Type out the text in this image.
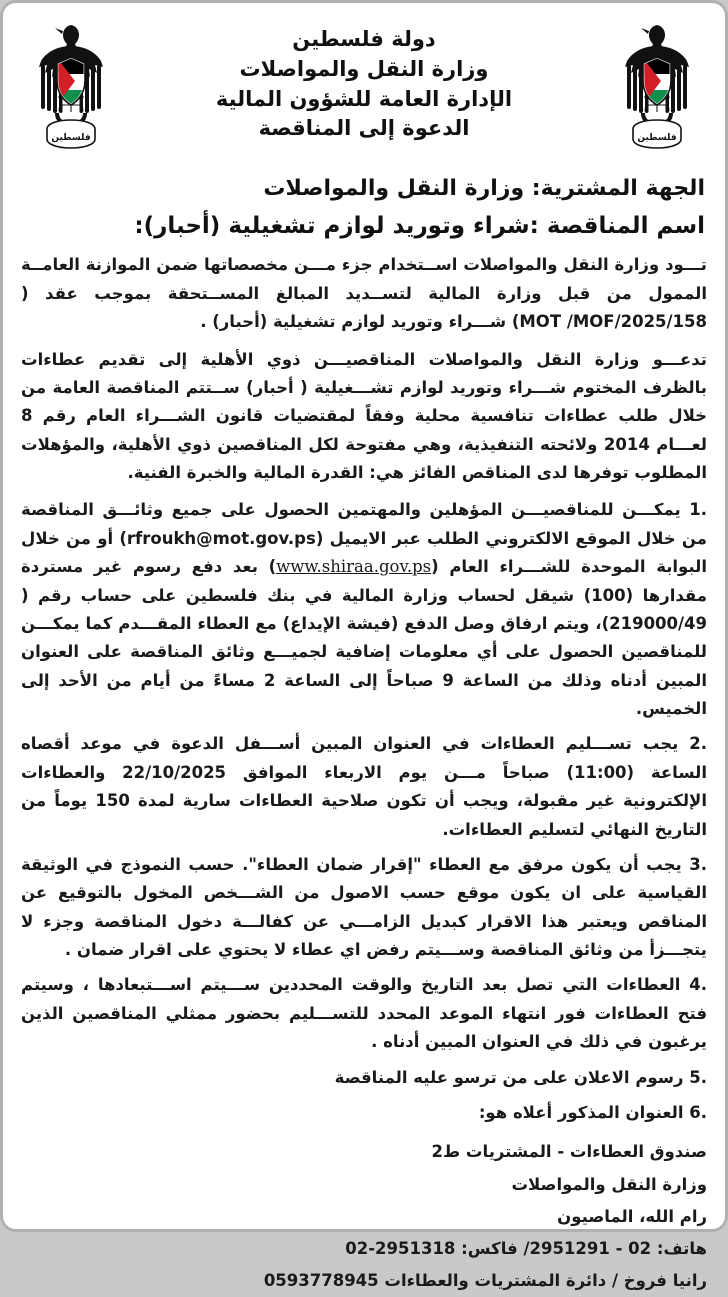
فلسطين
دولة فلسطين
وزارة النقل والمواصلات
الإدارة العامة للشؤون المالية
الدعوة إلى المناقصة
فلسطين
الجهة المشترية: وزارة النقل والمواصلات
اسم المناقصة :شراء وتوريد لوازم تشغيلية (أحبار):

تـــود وزارة النقل والمواصلات اســتخدام جزء مـــن مخصصاتها ضمن الموازنة العامــة الممول من قبل وزارة المالية لتســديد المبالغ المســتحقة بموجب عقد (MOT /MOF/2025/158) شـــراء وتوريد لوازم تشغيلية (أحبار) .

تدعـــو وزارة النقل والمواصلات المناقصيـــن ذوي الأهلية إلى تقديم عطاءات بالظرف المختوم شـــراء وتوريد لوازم تشـــغيلية ( أحبار) ســتتم المناقصة العامة من خلال طلب عطاءات تنافسية محلية وفقاً لمقتضيات قانون الشـــراء العام رقم 8 لعـــام 2014 ولائحته التنفيذية، وهي مفتوحة لكل المناقصين ذوي الأهلية، والمؤهلات المطلوب توفرها لدى المناقص الفائز هي: القدرة المالية والخبرة الفنية.

1. يمكـــن للمناقصيـــن المؤهلين والمهتمين الحصول على جميع وثائـــق المناقصة من خلال الموقع الالكتروني الطلب عبر الايميل (rfroukh@mot.gov.ps) أو من خلال البوابة الموحدة للشـــراء العام (www.shiraa.gov.ps) بعد دفع رسوم غير مستردة مقدارها (100) شيقل لحساب وزارة المالية في بنك فلسطين على حساب رقم (219000/49)، ويتم ارفاق وصل الدفع (فيشة الإيداع) مع العطاء المقـــدم كما يمكـــن للمناقصين الحصول على أي معلومات إضافية لجميـــع وثائق المناقصة على العنوان المبين أدناه وذلك من الساعة 9 صباحاً إلى الساعة 2 مساءً من أيام من الأحد إلى الخميس.
2. يجب تســـليم العطاءات في العنوان المبين أســـفل الدعوة في موعد أقصاه الساعة (11:00) صباحاً مـــن يوم الاربعاء الموافق 22/10/2025 والعطاءات الإلكترونية غير مقبولة، ويجب أن تكون صلاحية العطاءات سارية لمدة 150 يوماً من التاريخ النهائي لتسليم العطاءات.
3. يجب أن يكون مرفق مع العطاء "إقرار ضمان العطاء". حسب النموذج في الوثيقة القياسية على ان يكون موقع حسب الاصول من الشـــخص المخول بالتوقيع عن المناقص ويعتبر هذا الاقرار كبديل الزامـــي عن كفالـــة دخول المناقصة وجزء لا يتجـــزأ من وثائق المناقصة وســـيتم رفض اي عطاء لا يحتوي على اقرار ضمان .
4. العطاءات التي تصل بعد التاريخ والوقت المحددين ســـيتم اســـتبعادها ، وسيتم فتح العطاءات فور انتهاء الموعد المحدد للتســـليم بحضور ممثلي المناقصين الذين يرغبون في ذلك في العنوان المبين أدناه .
5. رسوم الاعلان على من ترسو عليه المناقصة
6. العنوان المذكور أعلاه هو:
صندوق العطاءات - المشتريات ط2
وزارة النقل والمواصلات
رام الله، الماصيون
هاتف: 2951291 - 02/ فاكس: 02-2951318
رانيا فروخ / دائرة المشتريات والعطاءات 0593778945
